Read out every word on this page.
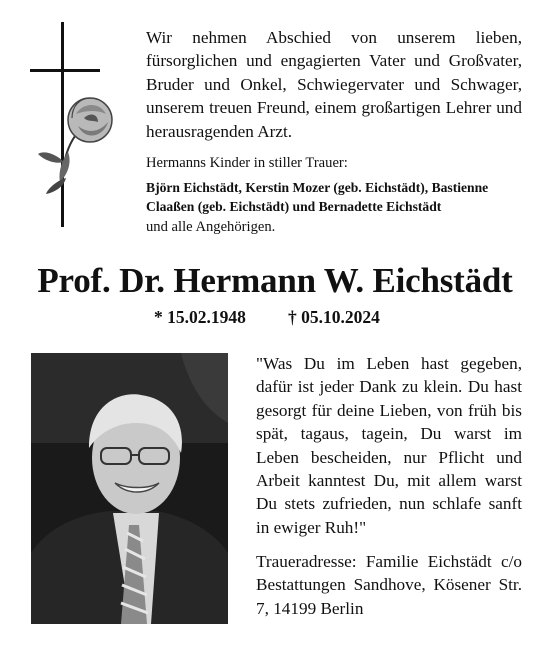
Wir nehmen Abschied von unserem lieben, fürsorglichen und engagierten Vater und Großvater, Bruder und Onkel, Schwiegervater und Schwager, unserem treuen Freund, einem großartigen Lehrer und herausragenden Arzt.

Hermanns Kinder in stiller Trauer:
Björn Eichstädt, Kerstin Mozer (geb. Eichstädt), Bastienne Claaßen (geb. Eichstädt) und Bernadette Eichstädt
und alle Angehörigen.
Prof. Dr. Hermann W. Eichstädt
* 15.02.1948 † 05.10.2024
"Was Du im Leben hast gegeben, dafür ist jeder Dank zu klein. Du hast gesorgt für deine Lieben, von früh bis spät, tagaus, tagein, Du warst im Leben bescheiden, nur Pflicht und Arbeit kanntest Du, mit allem warst Du stets zufrieden, nun schlafe sanft in ewiger Ruh!"
Traueradresse: Familie Eichstädt c/o Bestattungen Sandhove, Kösener Str. 7, 14199 Berlin
